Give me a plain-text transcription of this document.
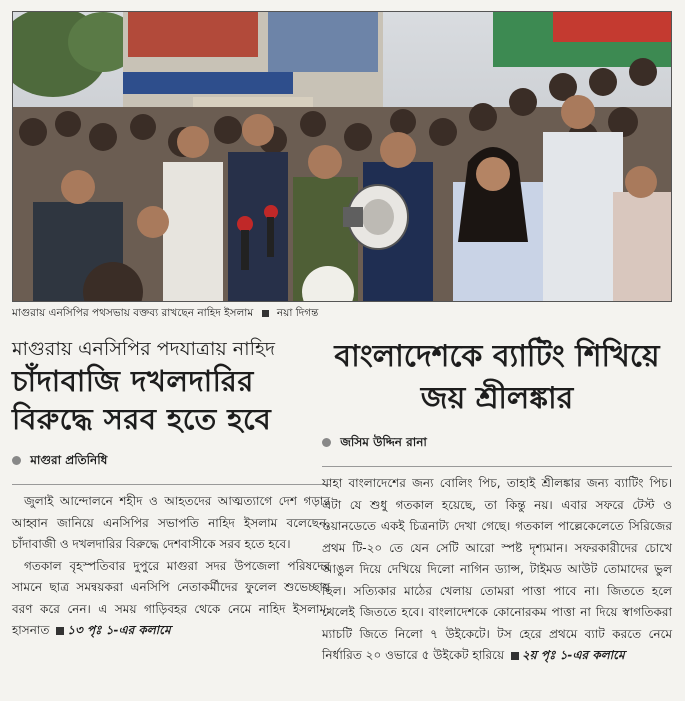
মাগুরায় এনসিপির পথসভায় বক্তব্য রাখছেন নাহিদ ইসলাম নয়া দিগন্ত
মাগুরায় এনসিপির পদযাত্রায় নাহিদ
চাঁদাবাজি দখলদারির বিরুদ্ধে সরব হতে হবে
মাগুরা প্রতিনিধি

জুলাই আন্দোলনে শহীদ ও আহতদের আত্মত্যাগে দেশ গড়ার আহ্বান জানিয়ে এনসিপির সভাপতি নাহিদ ইসলাম বলেছেন, চাঁদাবাজী ও দখলদারির বিরুদ্ধে দেশবাসীকে সরব হতে হবে।

গতকাল বৃহস্পতিবার দুপুরে মাগুরা সদর উপজেলা পরিষদের সামনে ছাত্র সমন্বয়করা এনসিপি নেতাকর্মীদের ফুলেল শুভেচ্ছায় বরণ করে নেন। এ সময় গাড়িবহর থেকে নেমে নাহিদ ইসলাম, হাসনাত ১৩ পৃঃ ১-এর কলামে

বাংলাদেশকে ব্যাটিং শিখিয়ে জয় শ্রীলঙ্কার
জসিম উদ্দিন রানা

যাহা বাংলাদেশের জন্য বোলিং পিচ, তাহাই শ্রীলঙ্কার জন্য ব্যাটিং পিচ। এটা যে শুধু গতকাল হয়েছে, তা কিন্তু নয়। এবার সফরে টেস্ট ও ওয়ানডেতে একই চিত্রনাট্য দেখা গেছে। গতকাল পাল্লেকেলেতে সিরিজের প্রথম টি-২০ তে যেন সেটি আরো স্পষ্ট দৃশ্যমান। সফরকারীদের চোখে আঙুল দিয়ে দেখিয়ে দিলো নাগিন ড্যান্স, টাইমড আউট তোমাদের ভুল ছিল। সত্যিকার মাঠের খেলায় তোমরা পাত্তা পাবে না। জিততে হলে খেলেই জিততে হবে। বাংলাদেশকে কোনোরকম পাত্তা না দিয়ে স্বাগতিকরা ম্যাচটি জিতে নিলো ৭ উইকেটে। টস হেরে প্রথমে ব্যাট করতে নেমে নির্ধারিত ২০ ওভারে ৫ উইকেট হারিয়ে ২য় পৃঃ ১-এর কলামে
